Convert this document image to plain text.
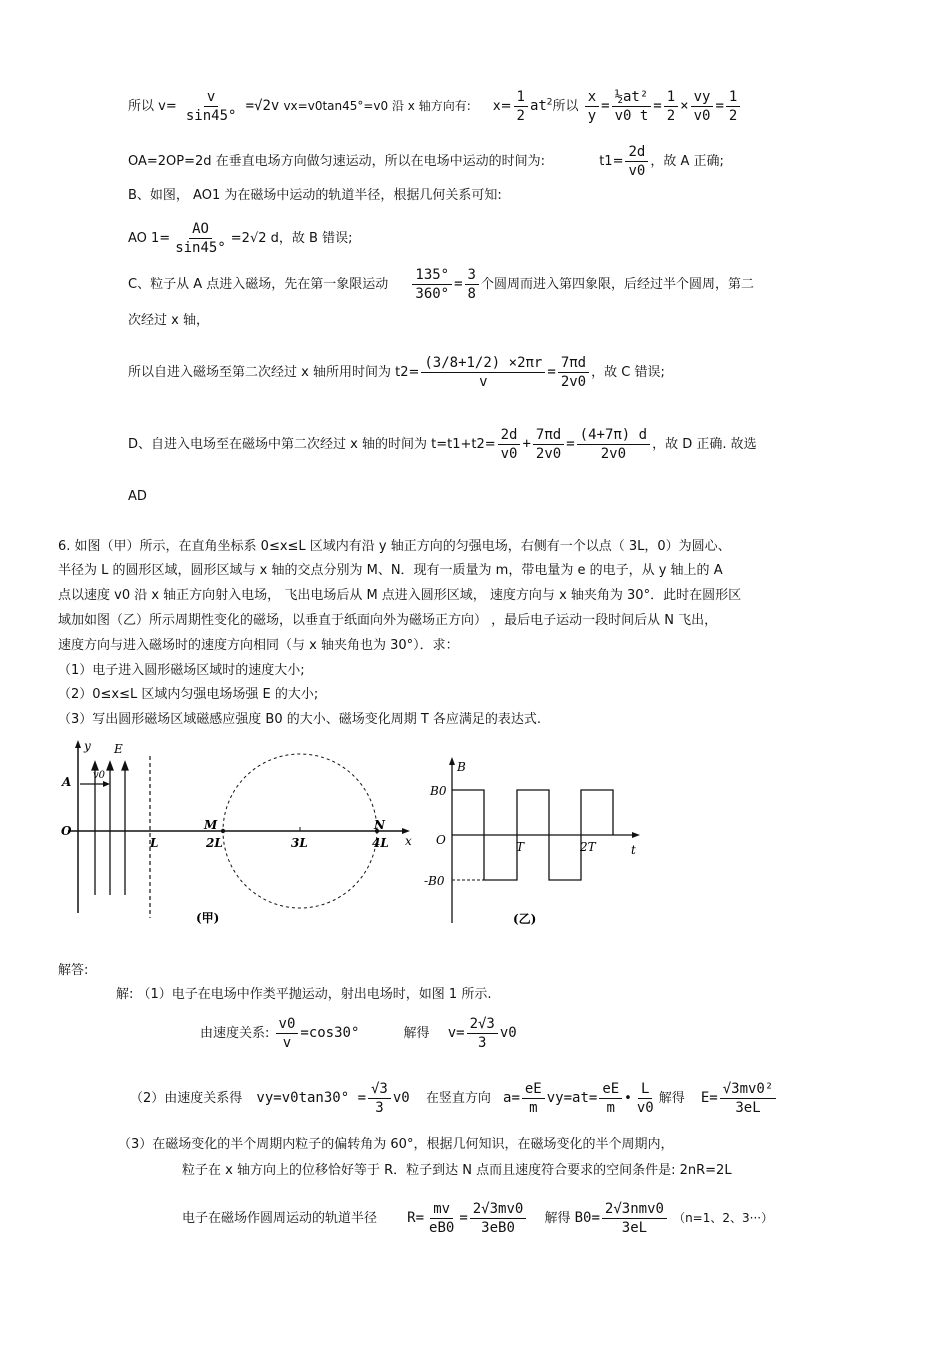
所以 $v= \frac{v}{\sin 45^\circ} =√2v$ vx=v0tan45°=v0 沿 x 轴方向有: $x= \frac{1}{2} at^2$所以 $\frac{x}{y} = \frac{\text{½at²}}{v0 t} = \frac{1}{2} \times \frac{vy}{v0} = \frac{1}{2}$
OA=2OP=2d 在垂直电场方向做匀速运动，所以在电场中运动的时间为:	$t1= \frac{2d}{v0}$ ，故 A 正确;
B、如图， AO1 为在磁场中运动的轨道半径，根据几何关系可知:
AO $1= \frac{AO}{\sin 45^\circ} =2√2$ d，故 B 错误;
C、粒子从 A 点进入磁场，先在第一象限运动 $\frac{135^\circ}{360^\circ} = \frac{3}{8}$ 个圆周而进入第四象限，后经过半个圆周，第二
次经过 x 轴，
所以自进入磁场至第二次经过 x 轴所用时间为 $t2= \frac{(3/8+1/2) \times 2\pi r}{v} = \frac{7\pi d}{2v0}$ ，故 C 错误;
D、自进入电场至在磁场中第二次经过 x 轴的时间为 $t=t1+t2= \frac{2d}{v0} + \frac{7\pi d}{2v0} = \frac{(4+7\pi) d}{2v0}$ ，故 D 正确. 故选
AD
6. 如图（甲）所示，在直角坐标系 0≤x≤L 区域内有沿 y 轴正方向的匀强电场，右侧有一个以点（ 3L，0）为圆心、
半径为 L 的圆形区域，圆形区域与 x 轴的交点分别为 M、N．现有一质量为 m，带电量为 e 的电子，从 y 轴上的 A
点以速度 v0 沿 x 轴正方向射入电场， 飞出电场后从 M 点进入圆形区域， 速度方向与 x 轴夹角为 30°．此时在圆形区
域加如图（乙）所示周期性变化的磁场，以垂直于纸面向外为磁场正方向） ，最后电子运动一段时间后从 N 飞出，
速度方向与进入磁场时的速度方向相同（与 x 轴夹角也为 30°）．求：
（1）电子进入圆形磁场区域时的速度大小;
（2）0≤x≤L 区域内匀强电场场强 E 的大小;
（3）写出圆形磁场区域磁感应强度 B0 的大小、磁场变化周期 T 各应满足的表达式.
y E
A v0
O	M	N
L	2L	3L	4L x
(甲)
B
B0
O
-B0
T	2T	t
(乙)
解答:
解: （1）电子在电场中作类平抛运动，射出电场时，如图 1 所示.
由速度关系: $\frac{v0}{v} =\cos 30^\circ$	解得 $v= \frac{2√3}{3} v0$
（2）由速度关系得 $vy=v0\tan 30^\circ = \frac{√3}{3} v0$ 在竖直方向 $a= \frac{eE}{m} vy=at= \frac{eE}{m}$ • $\frac{L}{v0}$ 解得 $E= \frac{\text{√3mv0²}}{3eL}$
（3）在磁场变化的半个周期内粒子的偏转角为 60°，根据几何知识，在磁场变化的半个周期内，
粒子在 x 轴方向上的位移恰好等于 R．粒子到达 N 点而且速度符合要求的空间条件是: 2nR=2L
电子在磁场作圆周运动的轨道半径 $R= \frac{mv}{eB0} = \frac{2√3mv0}{3eB0}$ 解得 B0=
2√3nmv0
3eL
（n=1、2、3···）
